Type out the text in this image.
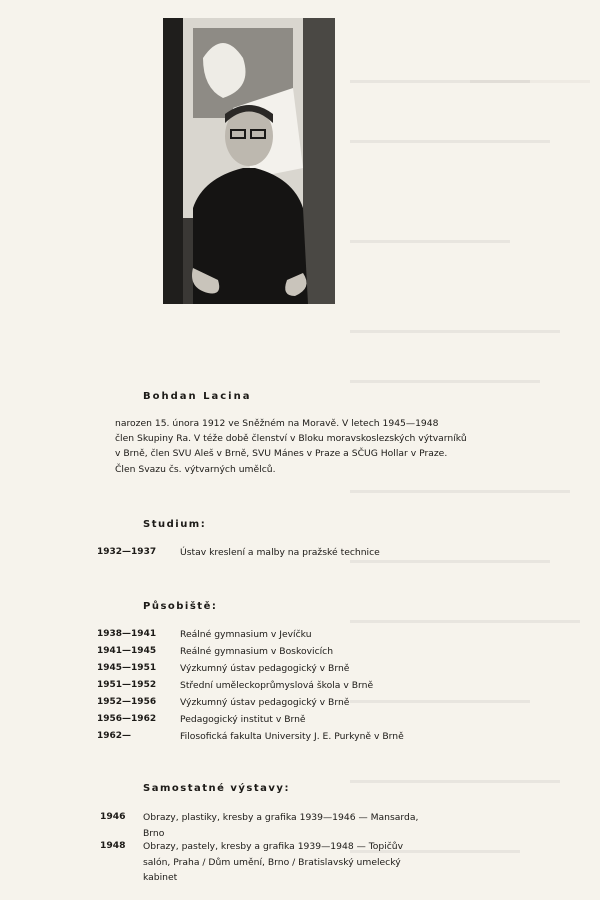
Bohdan Lacina

narozen 15. února 1912 ve Sněžném na Moravě. V letech 1945—1948
člen Skupiny Ra. V téže době členství v Bloku moravskoslezských výtvarníků
v Brně, člen SVU Aleš v Brně, SVU Mánes v Praze a SČUG Hollar v Praze.
Člen Svazu čs. výtvarných umělců.

Studium:
1932—1937	Ústav kreslení a malby na pražské technice
Působiště:
1938—1941	Reálné gymnasium v Jevíčku
1941—1945	Reálné gymnasium v Boskovicích
1945—1951	Výzkumný ústav pedagogický v Brně
1951—1952	Střední uměleckoprůmyslová škola v Brně
1952—1956	Výzkumný ústav pedagogický v Brně
1956—1962	Pedagogický institut v Brně
1962—	Filosofická fakulta University J. E. Purkyně v Brně
Samostatné výstavy:
1946 Obrazy, plastiky, kresby a grafika 1939—1946 — Mansarda,
Brno

1948 Obrazy, pastely, kresby a grafika 1939—1948 — Topičův
salón, Praha / Dům umění, Brno / Bratislavský umelecký
kabinet
